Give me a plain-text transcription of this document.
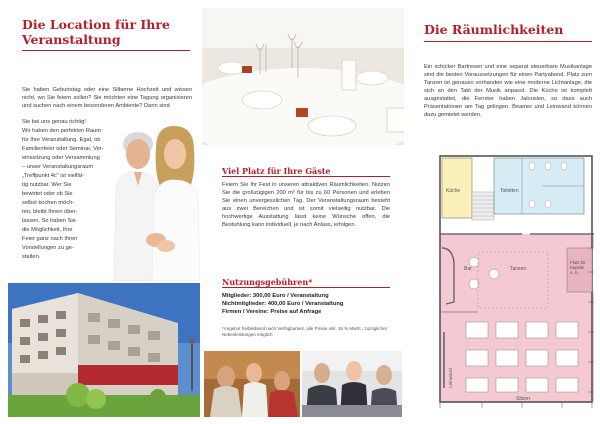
Die Location für Ihre Veranstaltung

Sie haben Geburtstag oder eine Silberne Hochzeit und wissen nicht, wo Sie feiern sollen? Sie möchten eine Tagung organisieren und suchen nach einem besonderen Ambiente? Dann sind

Sie bei uns genau richtig!
Wir haben den perfekten Raum
für Ihre Veranstaltung. Egal, ob
Familienfeier oder Seminar, Ver-
einssitzung oder Versammlung
– unser Veranstaltungsraum
„Treffpunkt 4c“ ist vielfäl-
tig nutzbar. Wer Sie
bewirtet oder ob Sie
selbst kochen möch-
ten, bleibt Ihnen über-
lassen. So haben Sie
die Möglichkeit, Ihre
Feier ganz nach Ihren
Vorstellungen zu ge-
stalten.
Viel Platz für Ihre Gäste

Feiern Sie Ihr Fest in unseren attraktiven Räumlichkeiten. Nutzen Sie die großzügigen 200 m² für bis zu 60 Personen und erleben Sie einen unvergesslichen Tag. Der Veranstaltungsraum besteht aus zwei Bereichen und ist somit vielseitig nutzbar. Die hochwertige Ausstattung lässt keine Wünsche offen, die Bestuhlung kann individuell, je nach Anlass, erfolgen.

Nutzungsgebühren*
Mitglieder: 300,00 Euro / Veranstaltung
Nichtmitglieder: 400,00 Euro / Veranstaltung
Firmen / Vereine: Preise auf Anfrage

*Angebot freibleibend nach Verfügbarkeit, alle Preise inkl. 19 % MwSt., zuzüglicher Nebenleistungen möglich

Die Räumlichkeiten

Ein schicker Bartresen und eine separat steuerbare Musikanlage sind die besten Voraussetzungen für einen Partyabend. Platz zum Tanzen ist genauso vorhanden wie eine moderne Lichtanlage, die sich an den Takt der Musik anpasst. Die Küche ist komplett ausgestattet, die Fenster haben Jalousien, so dass auch Präsentationen am Tag gelingen. Beamer und Leinwand können dazu gemietet werden.

Küche	Toiletten
Platz für Kapelle o. Ä.
Bar	Tanzen
Leinwand
Sitzen
